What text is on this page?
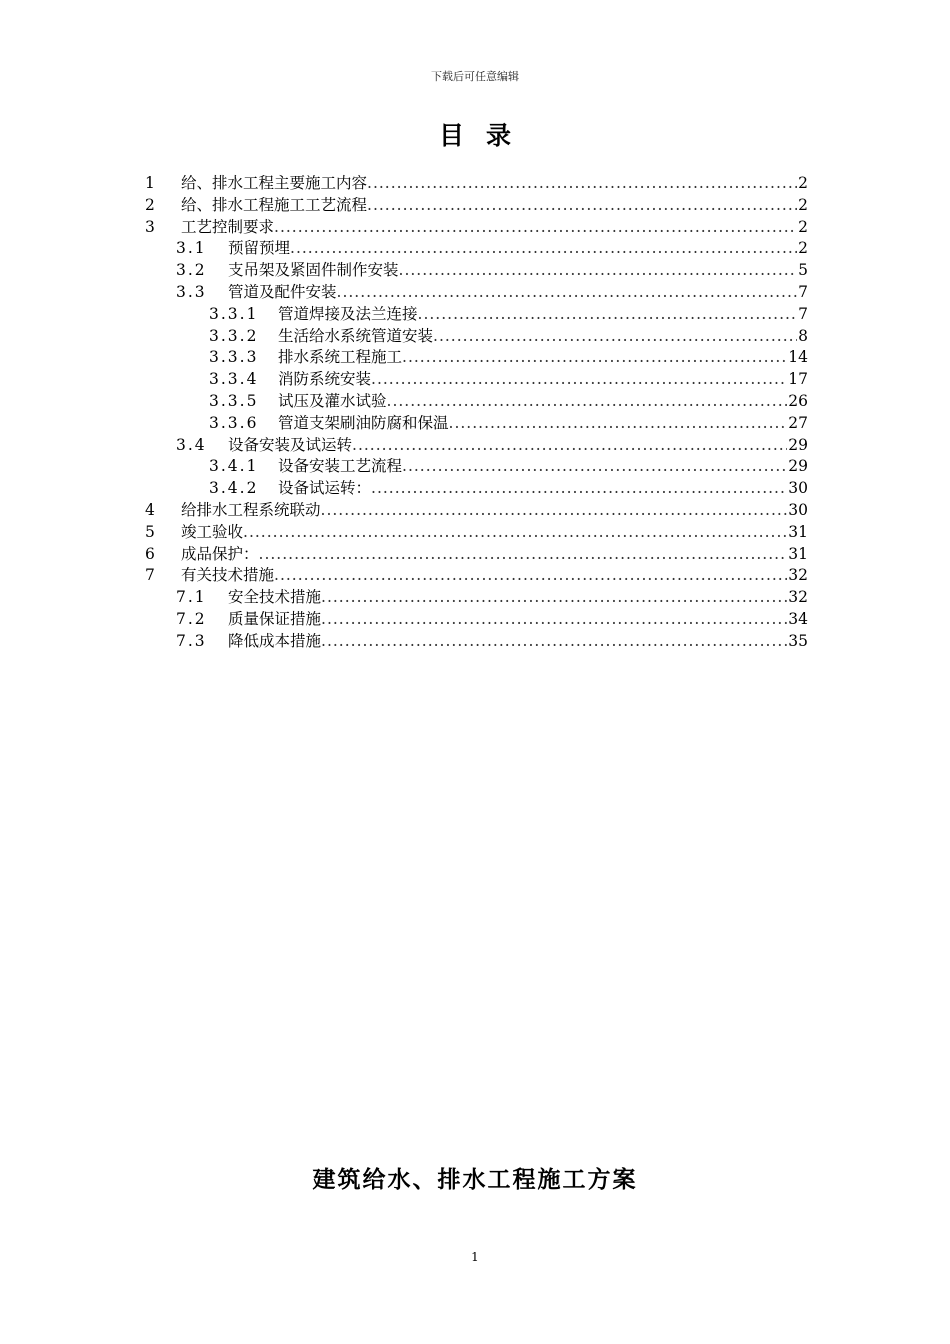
下载后可任意编辑
目录
1	给、排水工程主要施工内容 .....	2
2	给、排水工程施工工艺流程 .....	2
3	工艺控制要求 .....	2
3.1	预留预埋 .....	2
3.2	支吊架及紧固件制作安装 .....	5
3.3	管道及配件安装 .....	7
3.3.1	管道焊接及法兰连接 .....	7
3.3.2	生活给水系统管道安装 .....	8
3.3.3	排水系统工程施工 .....	14
3.3.4	消防系统安装 .....	17
3.3.5	试压及灌水试验 .....	26
3.3.6	管道支架刷油防腐和保温 .....	27
3.4	设备安装及试运转 .....	29
3.4.1	设备安装工艺流程 .....	29
3.4.2	设备试运转： .....	30
4	给排水工程系统联动 .....	30
5	竣工验收 .....	31
6	成品保护： .....	31
7	有关技术措施 .....	32
7.1	安全技术措施 .....	32
7.2	质量保证措施 .....	34
7.3	降低成本措施 .....	35
建筑给水、排水工程施工方案
1
